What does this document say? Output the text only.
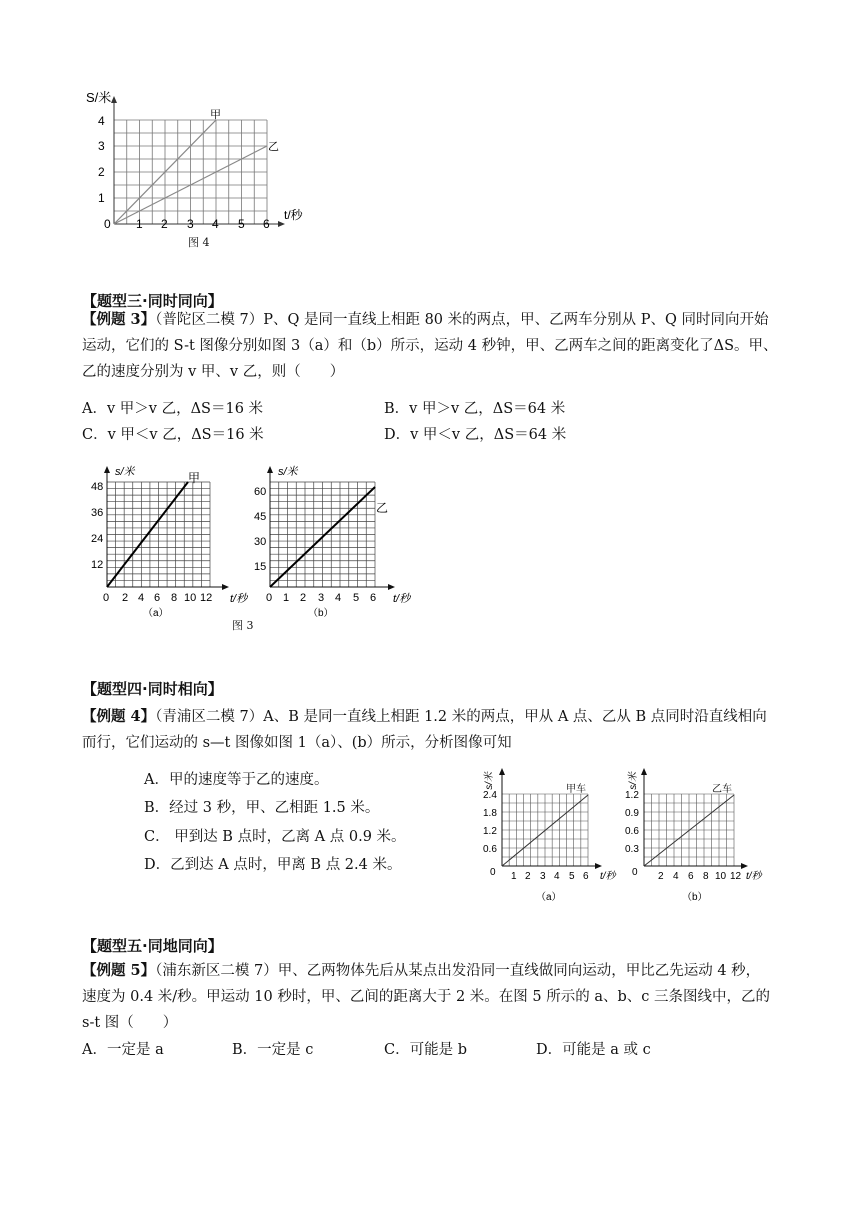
S/米
t/秒
甲
乙
0 1 2 3 4 5 6
1
2
3
4
图 4
【题型三·同时同向】
【例题 3】（普陀区二模 7）P、Q 是同一直线上相距 80 米的两点，甲、乙两车分别从 P、Q 同时同向开始
运动，它们的 S-t 图像分别如图 3（a）和（b）所示，运动 4 秒钟，甲、乙两车之间的距离变化了ΔS。甲、
乙的速度分别为 v 甲、v 乙，则（　　）
A．v 甲＞v 乙，ΔS＝16 米	B．v 甲＞v 乙，ΔS＝64 米
C．v 甲＜v 乙，ΔS＝16 米	D．v 甲＜v 乙，ΔS＝64 米
s/米
t/秒
甲
0 2 4 6 8 10 12
12
24
36
48
（a）
s/米
t/秒
乙
0 1 2 3 4 5 6
15
30
45
60
（b）
图 3
【题型四·同时相向】
【例题 4】（青浦区二模 7）A、B 是同一直线上相距 1.2 米的两点，甲从 A 点、乙从 B 点同时沿直线相向
而行，它们运动的 s—t 图像如图 1（a）、(b）所示，分析图像可知
A．甲的速度等于乙的速度。
B．经过 3 秒，甲、乙相距 1.5 米。
C． 甲到达 B 点时，乙离 A 点 0.9 米。
D．乙到达 A 点时，甲离 B 点 2.4 米。
s/米
t/秒
甲车
0 1 2 3 4 5 6
0.6
1.2
1.8
2.4
（a）
s/米
t/秒
乙车
0 2 4 6 8 10 12
0.3
0.6
0.9
1.2
（b）
【题型五·同地同向】
【例题 5】（浦东新区二模 7）甲、乙两物体先后从某点出发沿同一直线做同向运动，甲比乙先运动 4 秒，
速度为 0.4 米/秒。甲运动 10 秒时，甲、乙间的距离大于 2 米。在图 5 所示的 a、b、c 三条图线中，乙的
s-t 图（　　）
A．一定是 a	B．一定是 c	C．可能是 b	D．可能是 a 或 c
